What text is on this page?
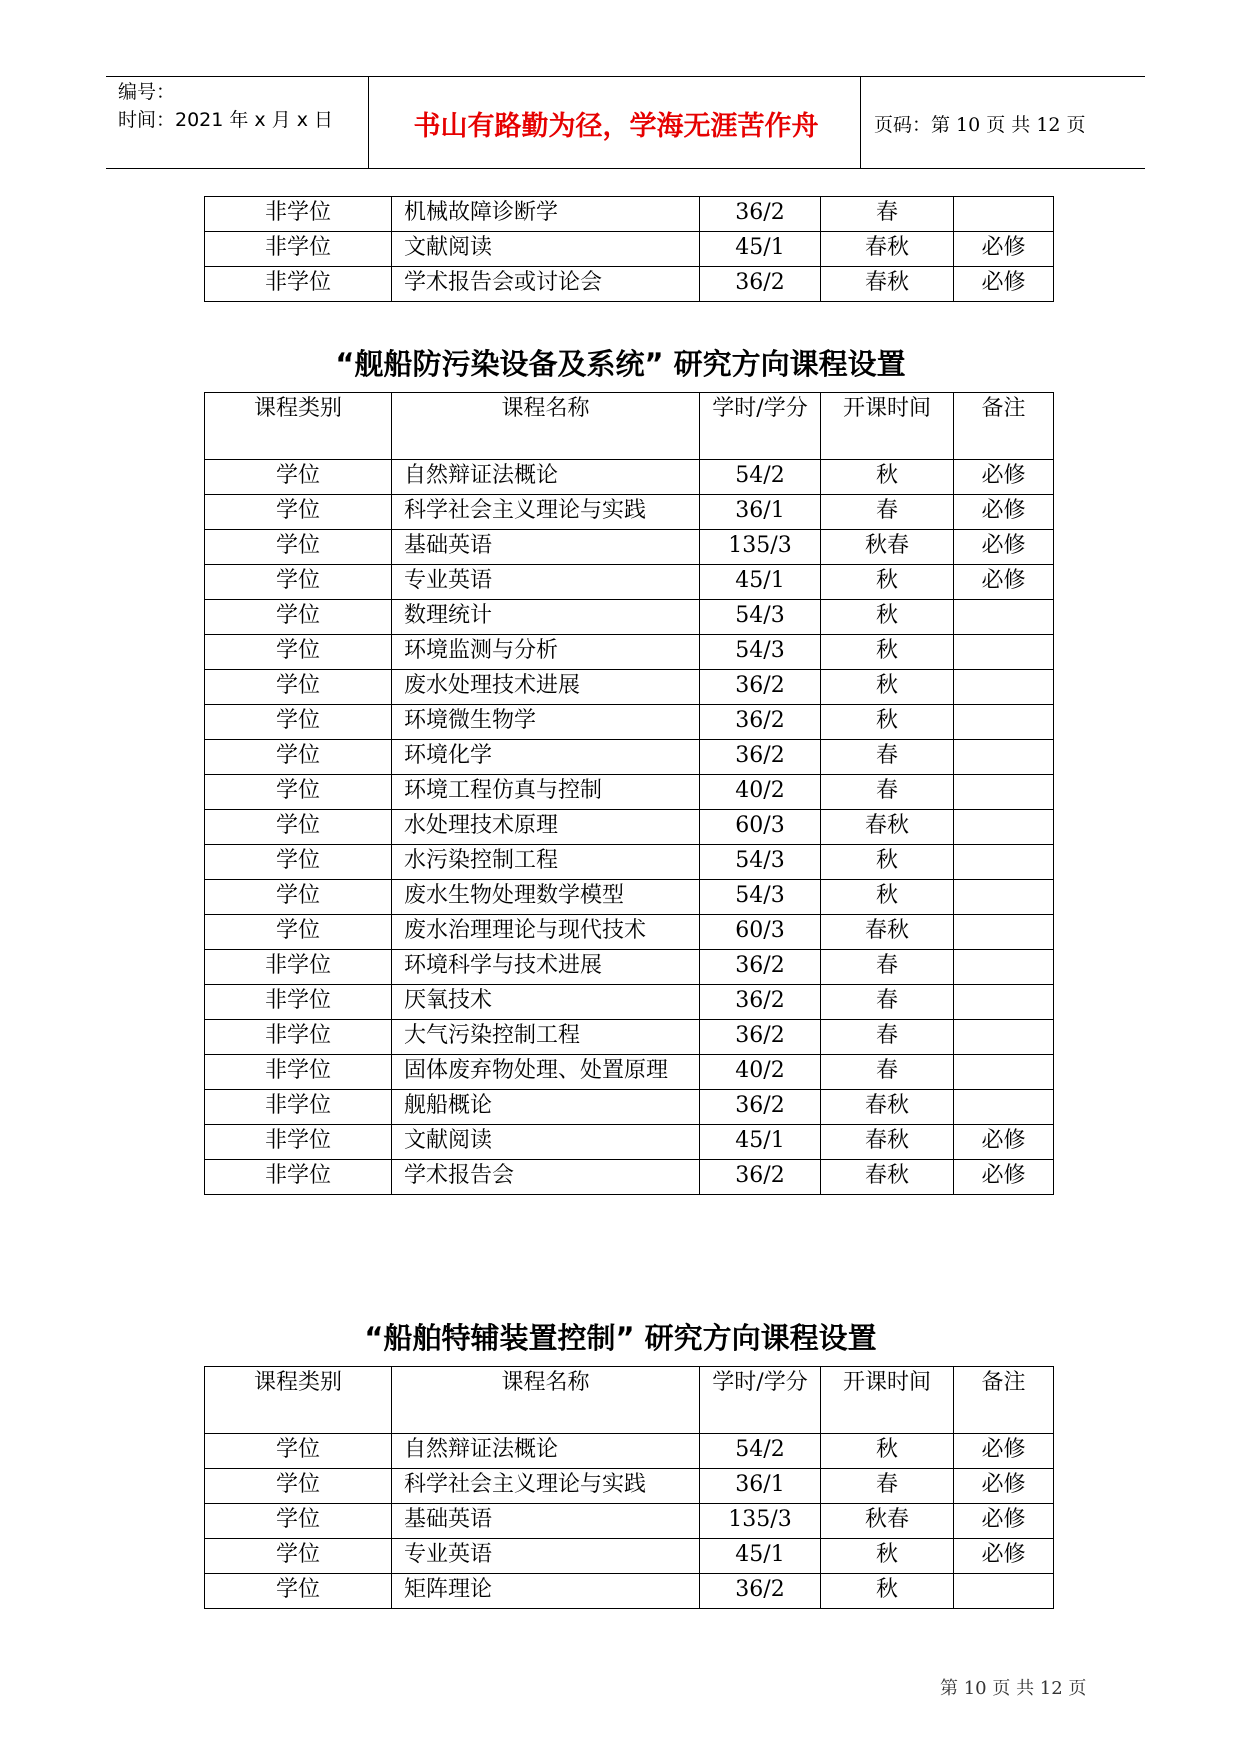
编号：
时间：2021 年 x 月 x 日	书山有路勤为径，学海无涯苦作舟	页码：第 10 页 共 12 页
非学位	机械故障诊断学	36/2	春	
非学位	文献阅读	45/1	春秋	必修
非学位	学术报告会或讨论会	36/2	春秋	必修
“舰船防污染设备及系统” 研究方向课程设置
课程类别	课程名称	学时/学分	开课时间	备注
学位	自然辩证法概论	54/2	秋	必修
学位	科学社会主义理论与实践	36/1	春	必修
学位	基础英语	135/3	秋春	必修
学位	专业英语	45/1	秋	必修
学位	数理统计	54/3	秋	
学位	环境监测与分析	54/3	秋	
学位	废水处理技术进展	36/2	秋	
学位	环境微生物学	36/2	秋	
学位	环境化学	36/2	春	
学位	环境工程仿真与控制	40/2	春	
学位	水处理技术原理	60/3	春秋	
学位	水污染控制工程	54/3	秋	
学位	废水生物处理数学模型	54/3	秋	
学位	废水治理理论与现代技术	60/3	春秋	
非学位	环境科学与技术进展	36/2	春	
非学位	厌氧技术	36/2	春	
非学位	大气污染控制工程	36/2	春	
非学位	固体废弃物处理、处置原理	40/2	春	
非学位	舰船概论	36/2	春秋	
非学位	文献阅读	45/1	春秋	必修
非学位	学术报告会	36/2	春秋	必修
“船舶特辅装置控制” 研究方向课程设置
课程类别	课程名称	学时/学分	开课时间	备注
学位	自然辩证法概论	54/2	秋	必修
学位	科学社会主义理论与实践	36/1	春	必修
学位	基础英语	135/3	秋春	必修
学位	专业英语	45/1	秋	必修
学位	矩阵理论	36/2	秋	
第 10 页 共 12 页
